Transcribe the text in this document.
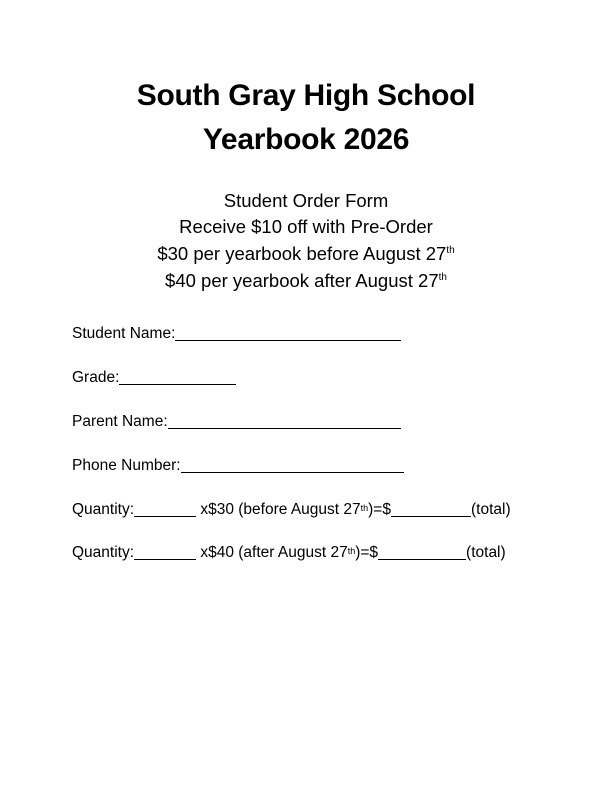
South Gray High School
Yearbook 2026
Student Order Form
Receive $10 off with Pre-Order
$30 per yearbook before August 27th
$40 per yearbook after August 27th
Student Name:
Grade:
Parent Name:
Phone Number:
Quantity:	x$30 (before August 27th)=$	(total)
Quantity:	x$40 (after August 27th)=$	(total)
